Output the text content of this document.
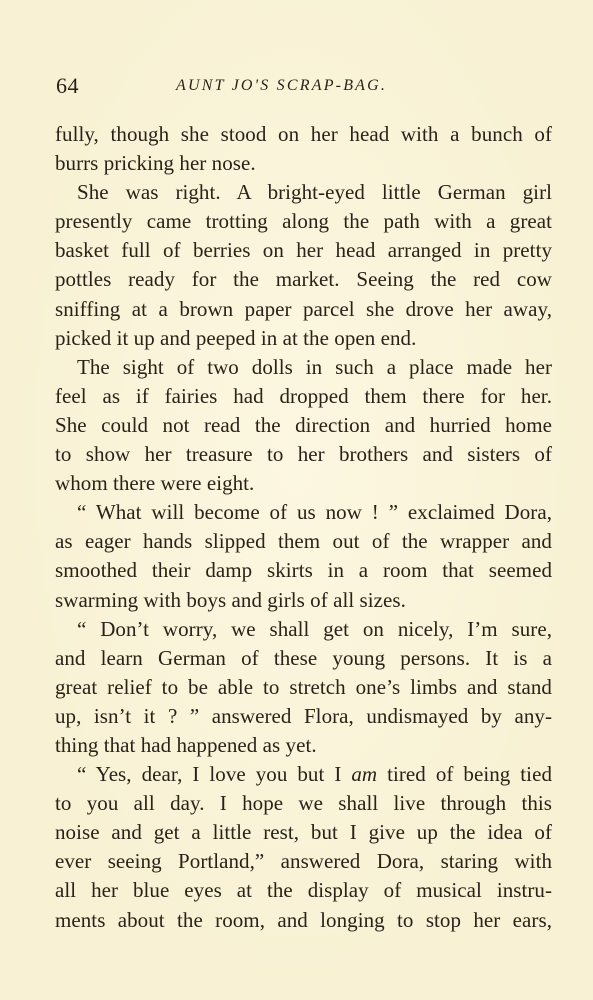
64	AUNT JO'S SCRAP-BAG.
fully, though she stood on her head with a bunch of
burrs pricking her nose.
She was right. A bright-eyed little German girl
presently came trotting along the path with a great
basket full of berries on her head arranged in pretty
pottles ready for the market. Seeing the red cow
sniffing at a brown paper parcel she drove her away,
picked it up and peeped in at the open end.
The sight of two dolls in such a place made her
feel as if fairies had dropped them there for her.
She could not read the direction and hurried home
to show her treasure to her brothers and sisters of
whom there were eight.
“ What will become of us now ! ” exclaimed Dora,
as eager hands slipped them out of the wrapper and
smoothed their damp skirts in a room that seemed
swarming with boys and girls of all sizes.
“ Don’t worry, we shall get on nicely, I’m sure,
and learn German of these young persons. It is a
great relief to be able to stretch one’s limbs and stand
up, isn’t it ? ” answered Flora, undismayed by any-
thing that had happened as yet.
“ Yes, dear, I love you but I am tired of being tied
to you all day. I hope we shall live through this
noise and get a little rest, but I give up the idea of
ever seeing Portland,” answered Dora, staring with
all her blue eyes at the display of musical instru-
ments about the room, and longing to stop her ears,
